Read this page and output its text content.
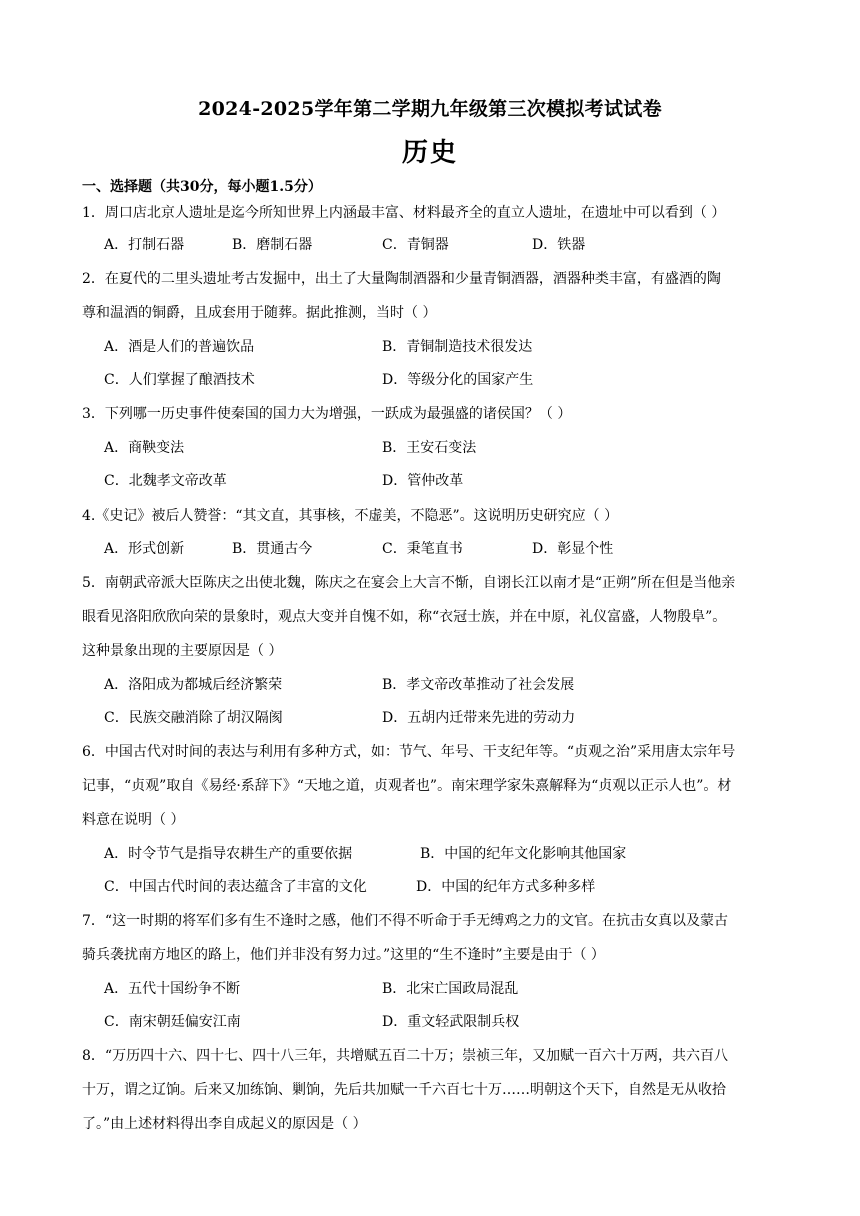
2024-2025学年第二学期九年级第三次模拟考试试卷
历史
一、选择题（共30分，每小题1.5分）
1．周口店北京人遗址是迄今所知世界上内涵最丰富、材料最齐全的直立人遗址，在遗址中可以看到（ ）
A．打制石器	B．磨制石器	C．青铜器	D．铁器
2．在夏代的二里头遗址考古发掘中，出土了大量陶制酒器和少量青铜酒器，酒器种类丰富，有盛酒的陶
尊和温酒的铜爵，且成套用于随葬。据此推测，当时（ ）
A．酒是人们的普遍饮品	B．青铜制造技术很发达
C．人们掌握了酿酒技术	D．等级分化的国家产生
3．下列哪一历史事件使秦国的国力大为增强，一跃成为最强盛的诸侯国？（ ）
A．商鞅变法	B．王安石变法
C．北魏孝文帝改革	D．管仲改革
4.《史记》被后人赞誉：“其文直，其事核，不虚美，不隐恶”。这说明历史研究应（ ）
A．形式创新	B．贯通古今	C．秉笔直书	D．彰显个性
5．南朝武帝派大臣陈庆之出使北魏，陈庆之在宴会上大言不惭，自诩长江以南才是“正朔”所在但是当他亲
眼看见洛阳欣欣向荣的景象时，观点大变并自愧不如，称“衣冠士族，并在中原，礼仪富盛，人物殷阜”。
这种景象出现的主要原因是（ ）
A．洛阳成为都城后经济繁荣	B．孝文帝改革推动了社会发展
C．民族交融消除了胡汉隔阂	D．五胡内迁带来先进的劳动力
6．中国古代对时间的表达与利用有多种方式，如：节气、年号、干支纪年等。“贞观之治”采用唐太宗年号
记事，“贞观”取自《易经·系辞下》“天地之道，贞观者也”。南宋理学家朱熹解释为“贞观以正示人也”。材
料意在说明（ ）
A．时令节气是指导农耕生产的重要依据	B．中国的纪年文化影响其他国家
C．中国古代时间的表达蕴含了丰富的文化	D．中国的纪年方式多种多样
7．“这一时期的将军们多有生不逢时之感，他们不得不听命于手无缚鸡之力的文官。在抗击女真以及蒙古
骑兵袭扰南方地区的路上，他们并非没有努力过。”这里的“生不逢时”主要是由于（ ）
A．五代十国纷争不断	B．北宋亡国政局混乱
C．南宋朝廷偏安江南	D．重文轻武限制兵权
8．“万历四十六、四十七、四十八三年，共增赋五百二十万；崇祯三年，又加赋一百六十万两，共六百八
十万，谓之辽饷。后来又加练饷、剿饷，先后共加赋一千六百七十万……明朝这个天下，自然是无从收拾
了。”由上述材料得出李自成起义的原因是（ ）
